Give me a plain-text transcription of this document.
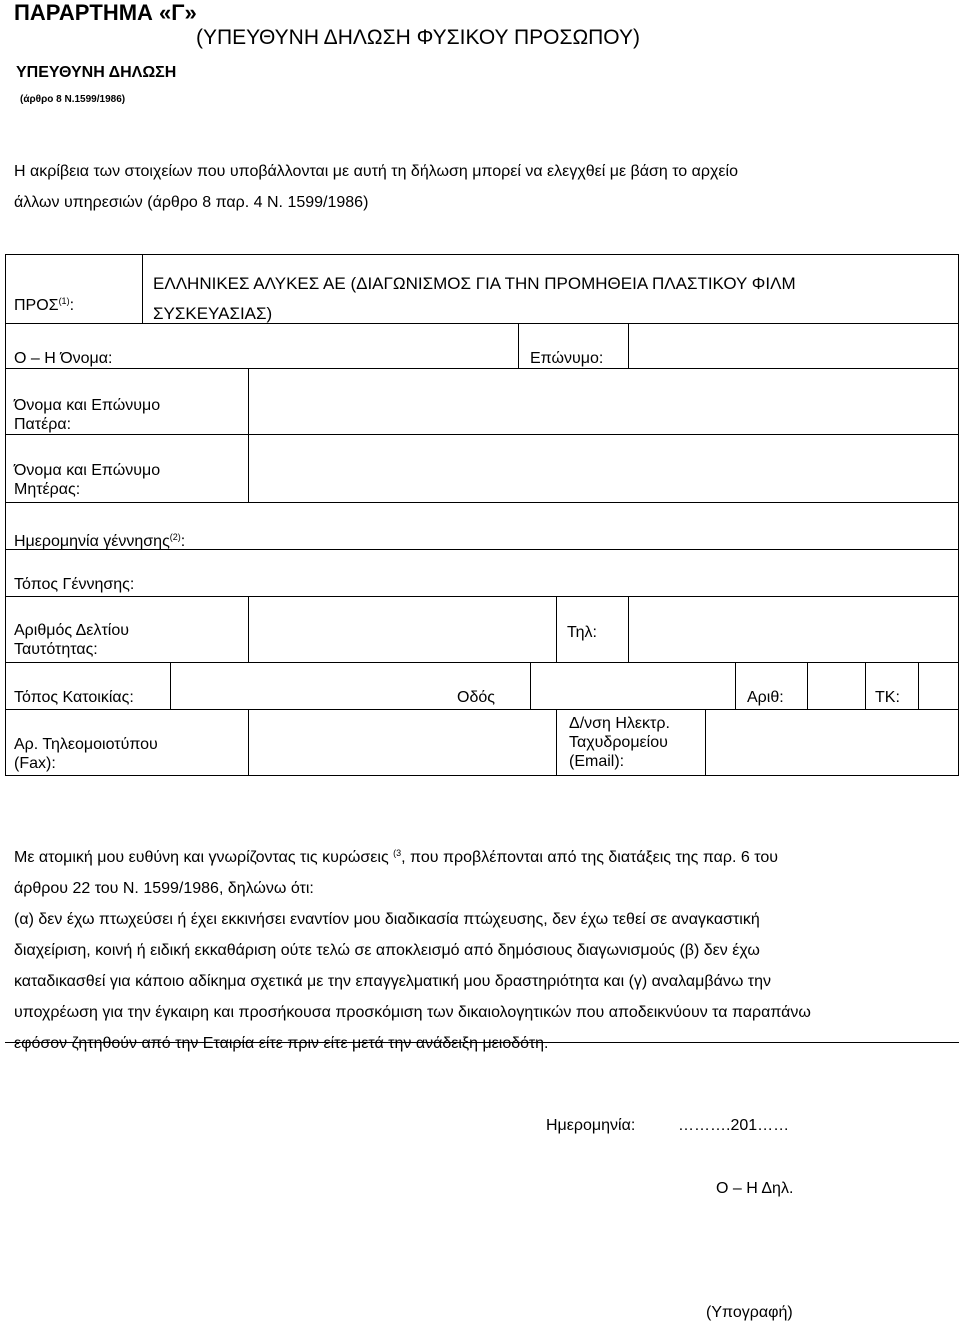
ΠΑΡΑΡΤΗΜΑ «Γ»
(ΥΠΕΥΘΥΝΗ ΔΗΛΩΣΗ ΦΥΣΙΚΟΥ ΠΡΟΣΩΠΟΥ)
ΥΠΕΥΘΥΝΗ ΔΗΛΩΣΗ
(άρθρο 8 Ν.1599/1986)
Η ακρίβεια των στοιχείων που υποβάλλονται με αυτή τη δήλωση μπορεί να ελεγχθεί με βάση το αρχείο
άλλων υπηρεσιών (άρθρο 8 παρ. 4 Ν. 1599/1986)
ΠΡΟΣ$^{(1)}$:
ΕΛΛΗΝΙΚΕΣ ΑΛΥΚΕΣ ΑΕ (ΔΙΑΓΩΝΙΣΜΟΣ ΓΙΑ ΤΗΝ ΠΡΟΜΗΘΕΙΑ ΠΛΑΣΤΙΚΟΥ ΦΙΛΜ
ΣΥΣΚΕΥΑΣΙΑΣ)
Ο – Η Όνομα:	Επώνυμο:
Όνομα και Επώνυμο
Πατέρα:
Όνομα και Επώνυμο
Μητέρας:
Ημερομηνία γέννησης$^{(2)}$:
Τόπος Γέννησης:
Αριθμός Δελτίου
Ταυτότητας:
Τηλ:
Τόπος Κατοικίας:	Οδός	Αριθ:	ΤΚ:
Αρ. Τηλεομοιοτύπου
(Fax):
Δ/νση Ηλεκτρ.
Ταχυδρομείου
(Email):
Με ατομική μου ευθύνη και γνωρίζοντας τις κυρώσεις $^{(3}$, που προβλέπονται από της διατάξεις της παρ. 6 του
άρθρου 22 του Ν. 1599/1986, δηλώνω ότι:
(α) δεν έχω πτωχεύσει ή έχει εκκινήσει εναντίον μου διαδικασία πτώχευσης, δεν έχω τεθεί σε αναγκαστική
διαχείριση, κοινή ή ειδική εκκαθάριση ούτε τελώ σε αποκλεισμό από δημόσιους διαγωνισμούς (β) δεν έχω
καταδικασθεί για κάποιο αδίκημα σχετικά με την επαγγελματική μου δραστηριότητα και (γ) αναλαμβάνω την
υποχρέωση για την έγκαιρη και προσήκουσα προσκόμιση των δικαιολογητικών που αποδεικνύουν τα παραπάνω
εφόσον ζητηθούν από την Εταιρία είτε πριν είτε μετά την ανάδειξη μειοδότη.
Ημερομηνία:	……….201……
Ο – Η Δηλ.
(Υπογραφή)
